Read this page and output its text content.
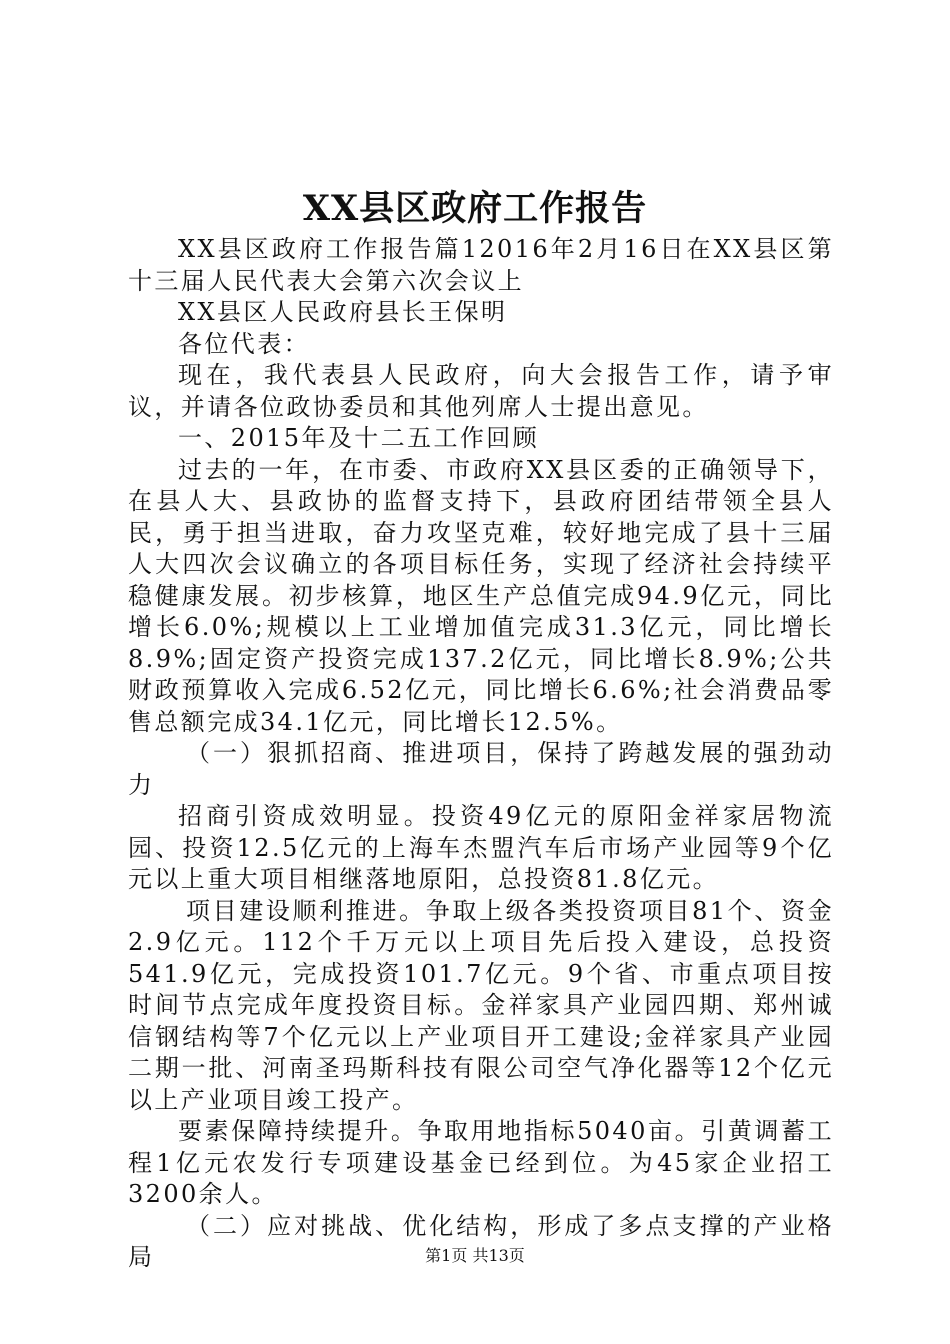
XX县区政府工作报告

XX县区政府工作报告篇12016年2月16日在XX县区第十三届人民代表大会第六次会议上

XX县区人民政府县长王保明

各位代表：

现在，我代表县人民政府，向大会报告工作，请予审议，并请各位政协委员和其他列席人士提出意见。

一、2015年及十二五工作回顾

过去的一年，在市委、市政府XX县区委的正确领导下，在县人大、县政协的监督支持下，县政府团结带领全县人民，勇于担当进取，奋力攻坚克难，较好地完成了县十三届人大四次会议确立的各项目标任务，实现了经济社会持续平稳健康发展。初步核算，地区生产总值完成94.9亿元，同比增长6.0%;规模以上工业增加值完成31.3亿元，同比增长8.9%;固定资产投资完成137.2亿元，同比增长8.9%;公共财政预算收入完成6.52亿元，同比增长6.6%;社会消费品零售总额完成34.1亿元，同比增长12.5%。

（一）狠抓招商、推进项目，保持了跨越发展的强劲动力

招商引资成效明显。投资49亿元的原阳金祥家居物流园、投资12.5亿元的上海车杰盟汽车后市场产业园等9个亿元以上重大项目相继落地原阳，总投资81.8亿元。

项目建设顺利推进。争取上级各类投资项目81个、资金2.9亿元。112个千万元以上项目先后投入建设，总投资541.9亿元，完成投资101.7亿元。9个省、市重点项目按时间节点完成年度投资目标。金祥家具产业园四期、郑州诚信钢结构等7个亿元以上产业项目开工建设;金祥家具产业园二期一批、河南圣玛斯科技有限公司空气净化器等12个亿元以上产业项目竣工投产。

要素保障持续提升。争取用地指标5040亩。引黄调蓄工程1亿元农发行专项建设基金已经到位。为45家企业招工3200余人。

（二）应对挑战、优化结构，形成了多点支撑的产业格局	第1页 共13页
